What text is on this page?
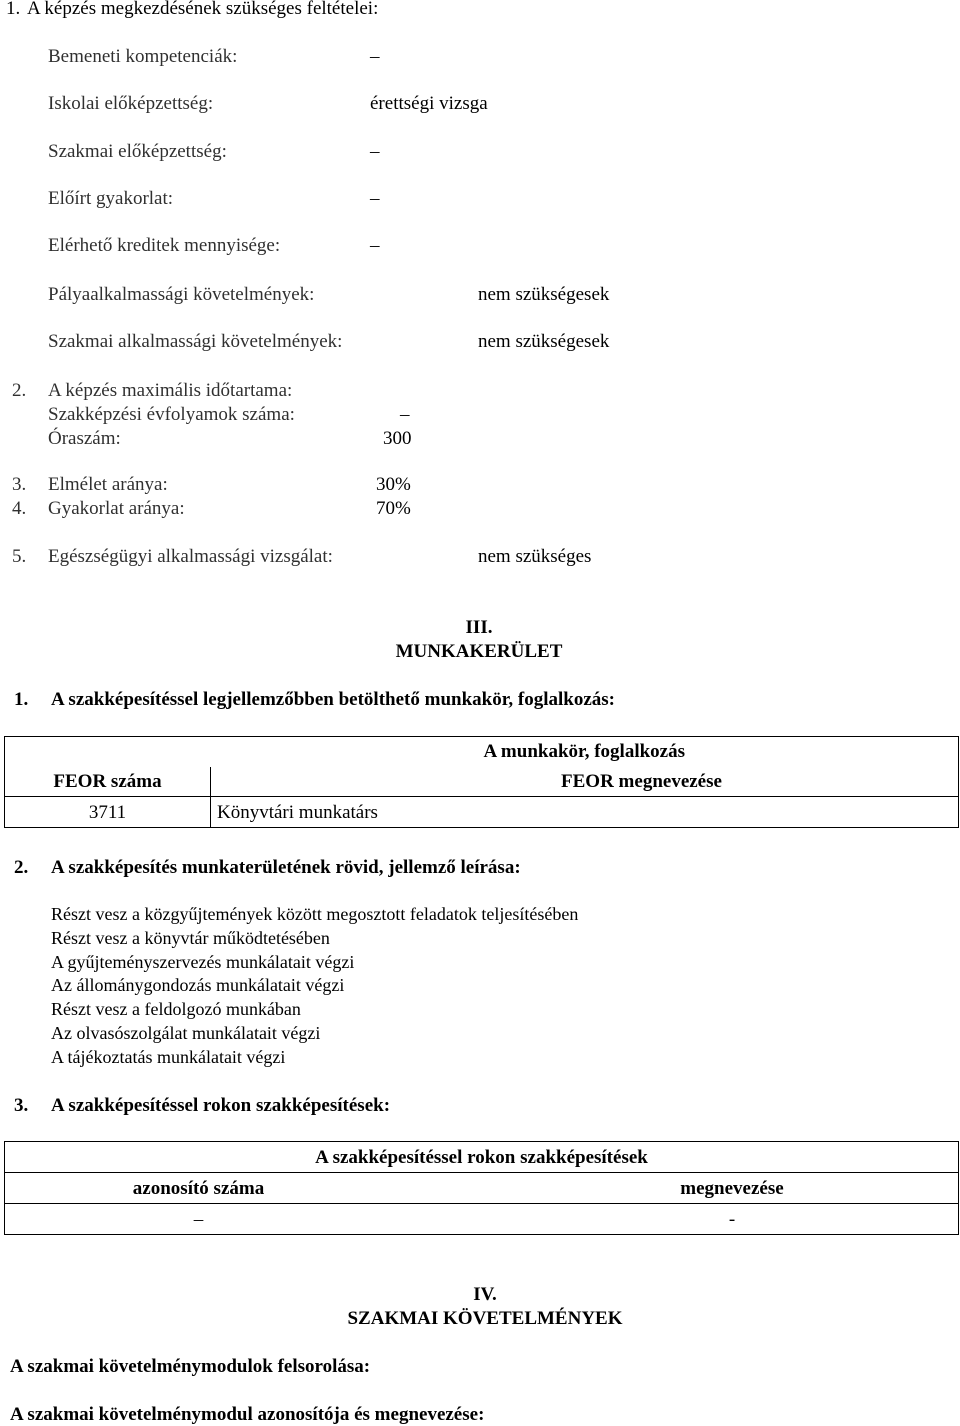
1. A képzés megkezdésének szükséges feltételei:
Bemeneti kompetenciák:	–
Iskolai előképzettség:	érettségi vizsga
Szakmai előképzettség:	–
Előírt gyakorlat:	–
Elérhető kreditek mennyisége:	–
Pályaalkalmassági követelmények:	nem szükségesek
Szakmai alkalmassági követelmények:	nem szükségesek
2. A képzés maximális időtartama:
Szakképzési évfolyamok száma:	–
Óraszám:	300
3. Elmélet aránya:	30%
4. Gyakorlat aránya:	70%
5. Egészségügyi alkalmassági vizsgálat:	nem szükséges
III.
MUNKAKERÜLET
1. A szakképesítéssel legjellemzőbben betölthető munkakör, foglalkozás:
	A munkakör, foglalkozás
FEOR száma	FEOR megnevezése
3711	Könyvtári munkatárs
2. A szakképesítés munkaterületének rövid, jellemző leírása:
Részt vesz a közgyűjtemények között megosztott feladatok teljesítésében
Részt vesz a könyvtár működtetésében
A gyűjteményszervezés munkálatait végzi
Az állománygondozás munkálatait végzi
Részt vesz a feldolgozó munkában
Az olvasószolgálat munkálatait végzi
A tájékoztatás munkálatait végzi
3. A szakképesítéssel rokon szakképesítések:
A szakképesítéssel rokon szakképesítések	
azonosító száma	megnevezése
–	-
IV.
SZAKMAI KÖVETELMÉNYEK
A szakmai követelménymodulok felsorolása:
A szakmai követelménymodul azonosítója és megnevezése:
